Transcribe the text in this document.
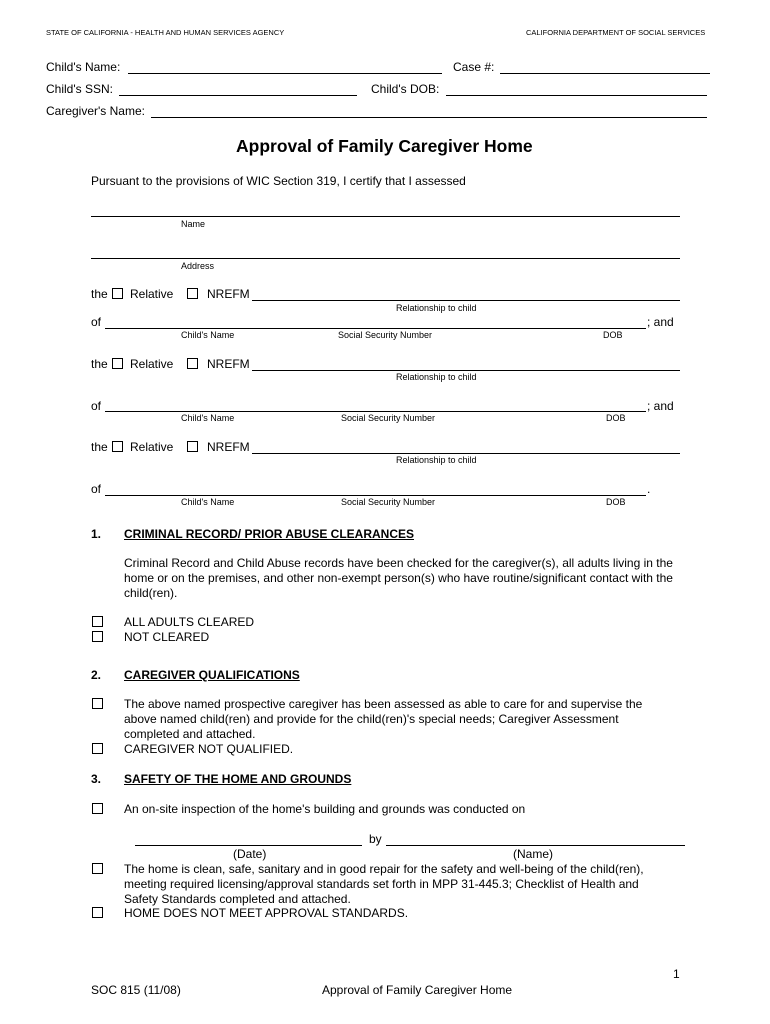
STATE OF CALIFORNIA - HEALTH AND HUMAN SERVICES AGENCY	CALIFORNIA DEPARTMENT OF SOCIAL SERVICES
Child's Name:	Case #:
Child's SSN:	Child's DOB:
Caregiver's Name:
Approval of Family Caregiver Home
Pursuant to the provisions of WIC Section 319, I certify that I assessed
Name
Address
the Relative	NREFM
Relationship to child
of	; and
Child's Name	Social Security Number	DOB
the Relative	NREFM
Relationship to child
of	; and
Child's Name	Social Security Number	DOB
the Relative	NREFM
Relationship to child
of	.
Child's Name	Social Security Number	DOB
1. CRIMINAL RECORD/ PRIOR ABUSE CLEARANCES
Criminal Record and Child Abuse records have been checked for the caregiver(s), all adults living in the home or on the premises, and other non-exempt person(s) who have routine/significant contact with the child(ren).
ALL ADULTS CLEARED
NOT CLEARED
2. CAREGIVER QUALIFICATIONS
The above named prospective caregiver has been assessed as able to care for and supervise the above named child(ren) and provide for the child(ren)'s special needs; Caregiver Assessment completed and attached.
CAREGIVER NOT QUALIFIED.
3. SAFETY OF THE HOME AND GROUNDS
An on-site inspection of the home's building and grounds was conducted on
by
(Date)	(Name)
The home is clean, safe, sanitary and in good repair for the safety and well-being of the child(ren), meeting required licensing/approval standards set forth in MPP 31-445.3; Checklist of Health and Safety Standards completed and attached.
HOME DOES NOT MEET APPROVAL STANDARDS.
1
SOC 815 (11/08)	Approval of Family Caregiver Home
